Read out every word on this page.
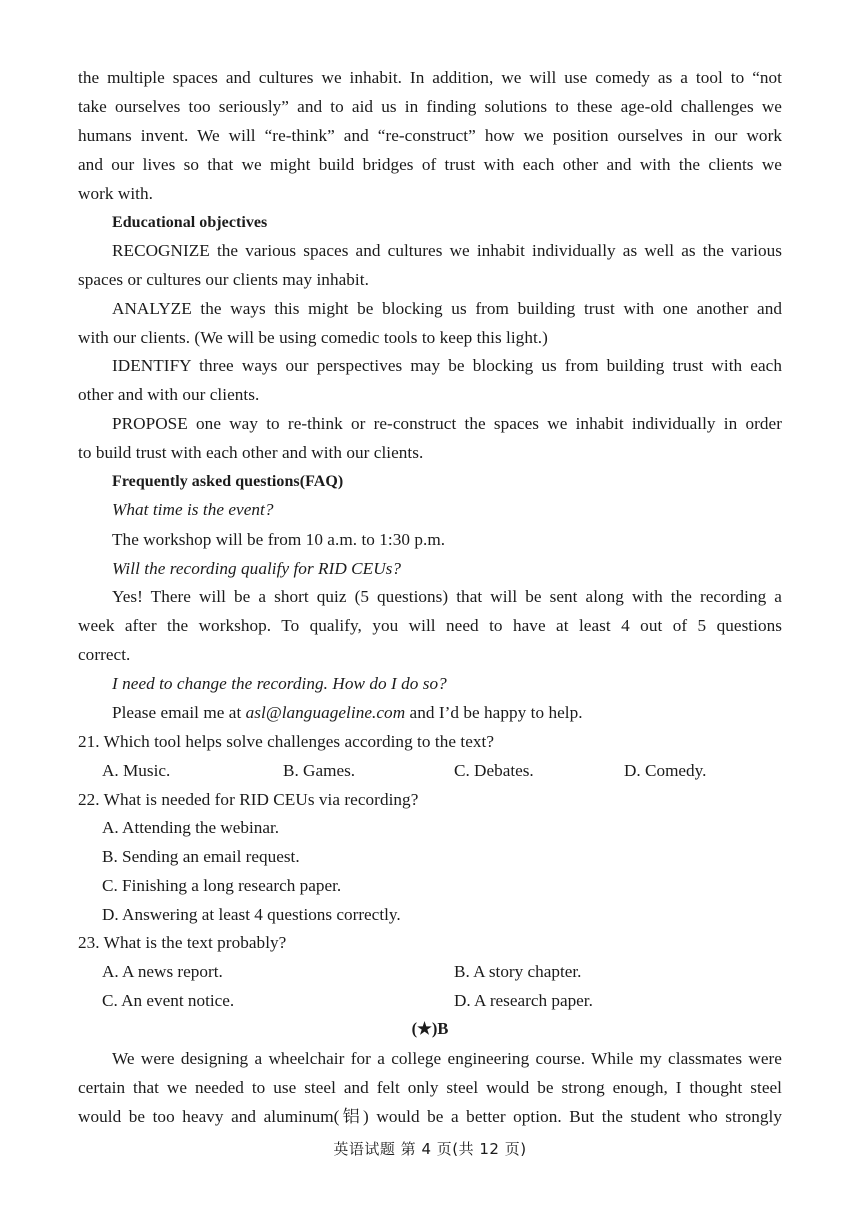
the multiple spaces and cultures we inhabit. In addition, we will use comedy as a tool to “not
take ourselves too seriously” and to aid us in finding solutions to these age-old challenges we
humans invent. We will “re-think” and “re-construct” how we position ourselves in our work
and our lives so that we might build bridges of trust with each other and with the clients we
work with.
Educational objectives
RECOGNIZE the various spaces and cultures we inhabit individually as well as the various
spaces or cultures our clients may inhabit.
ANALYZE the ways this might be blocking us from building trust with one another and
with our clients. (We will be using comedic tools to keep this light.)
IDENTIFY three ways our perspectives may be blocking us from building trust with each
other and with our clients.
PROPOSE one way to re-think or re-construct the spaces we inhabit individually in order
to build trust with each other and with our clients.
Frequently asked questions(FAQ)
What time is the event?
The workshop will be from 10 a.m. to 1:30 p.m.
Will the recording qualify for RID CEUs?
Yes! There will be a short quiz (5 questions) that will be sent along with the recording a
week after the workshop. To qualify, you will need to have at least 4 out of 5 questions
correct.
I need to change the recording. How do I do so?
Please email me at asl@languageline.com and I’d be happy to help.
21. Which tool helps solve challenges according to the text?
A. Music.	B. Games.	C. Debates.	D. Comedy.
22. What is needed for RID CEUs via recording?
A. Attending the webinar.
B. Sending an email request.
C. Finishing a long research paper.
D. Answering at least 4 questions correctly.
23. What is the text probably?
A. A news report.	B. A story chapter.
C. An event notice.	D. A research paper.
(★)B
We were designing a wheelchair for a college engineering course. While my classmates were
certain that we needed to use steel and felt only steel would be strong enough, I thought steel
would be too heavy and aluminum(铝) would be a better option. But the student who strongly
英语试题 第 4 页(共 12 页)
